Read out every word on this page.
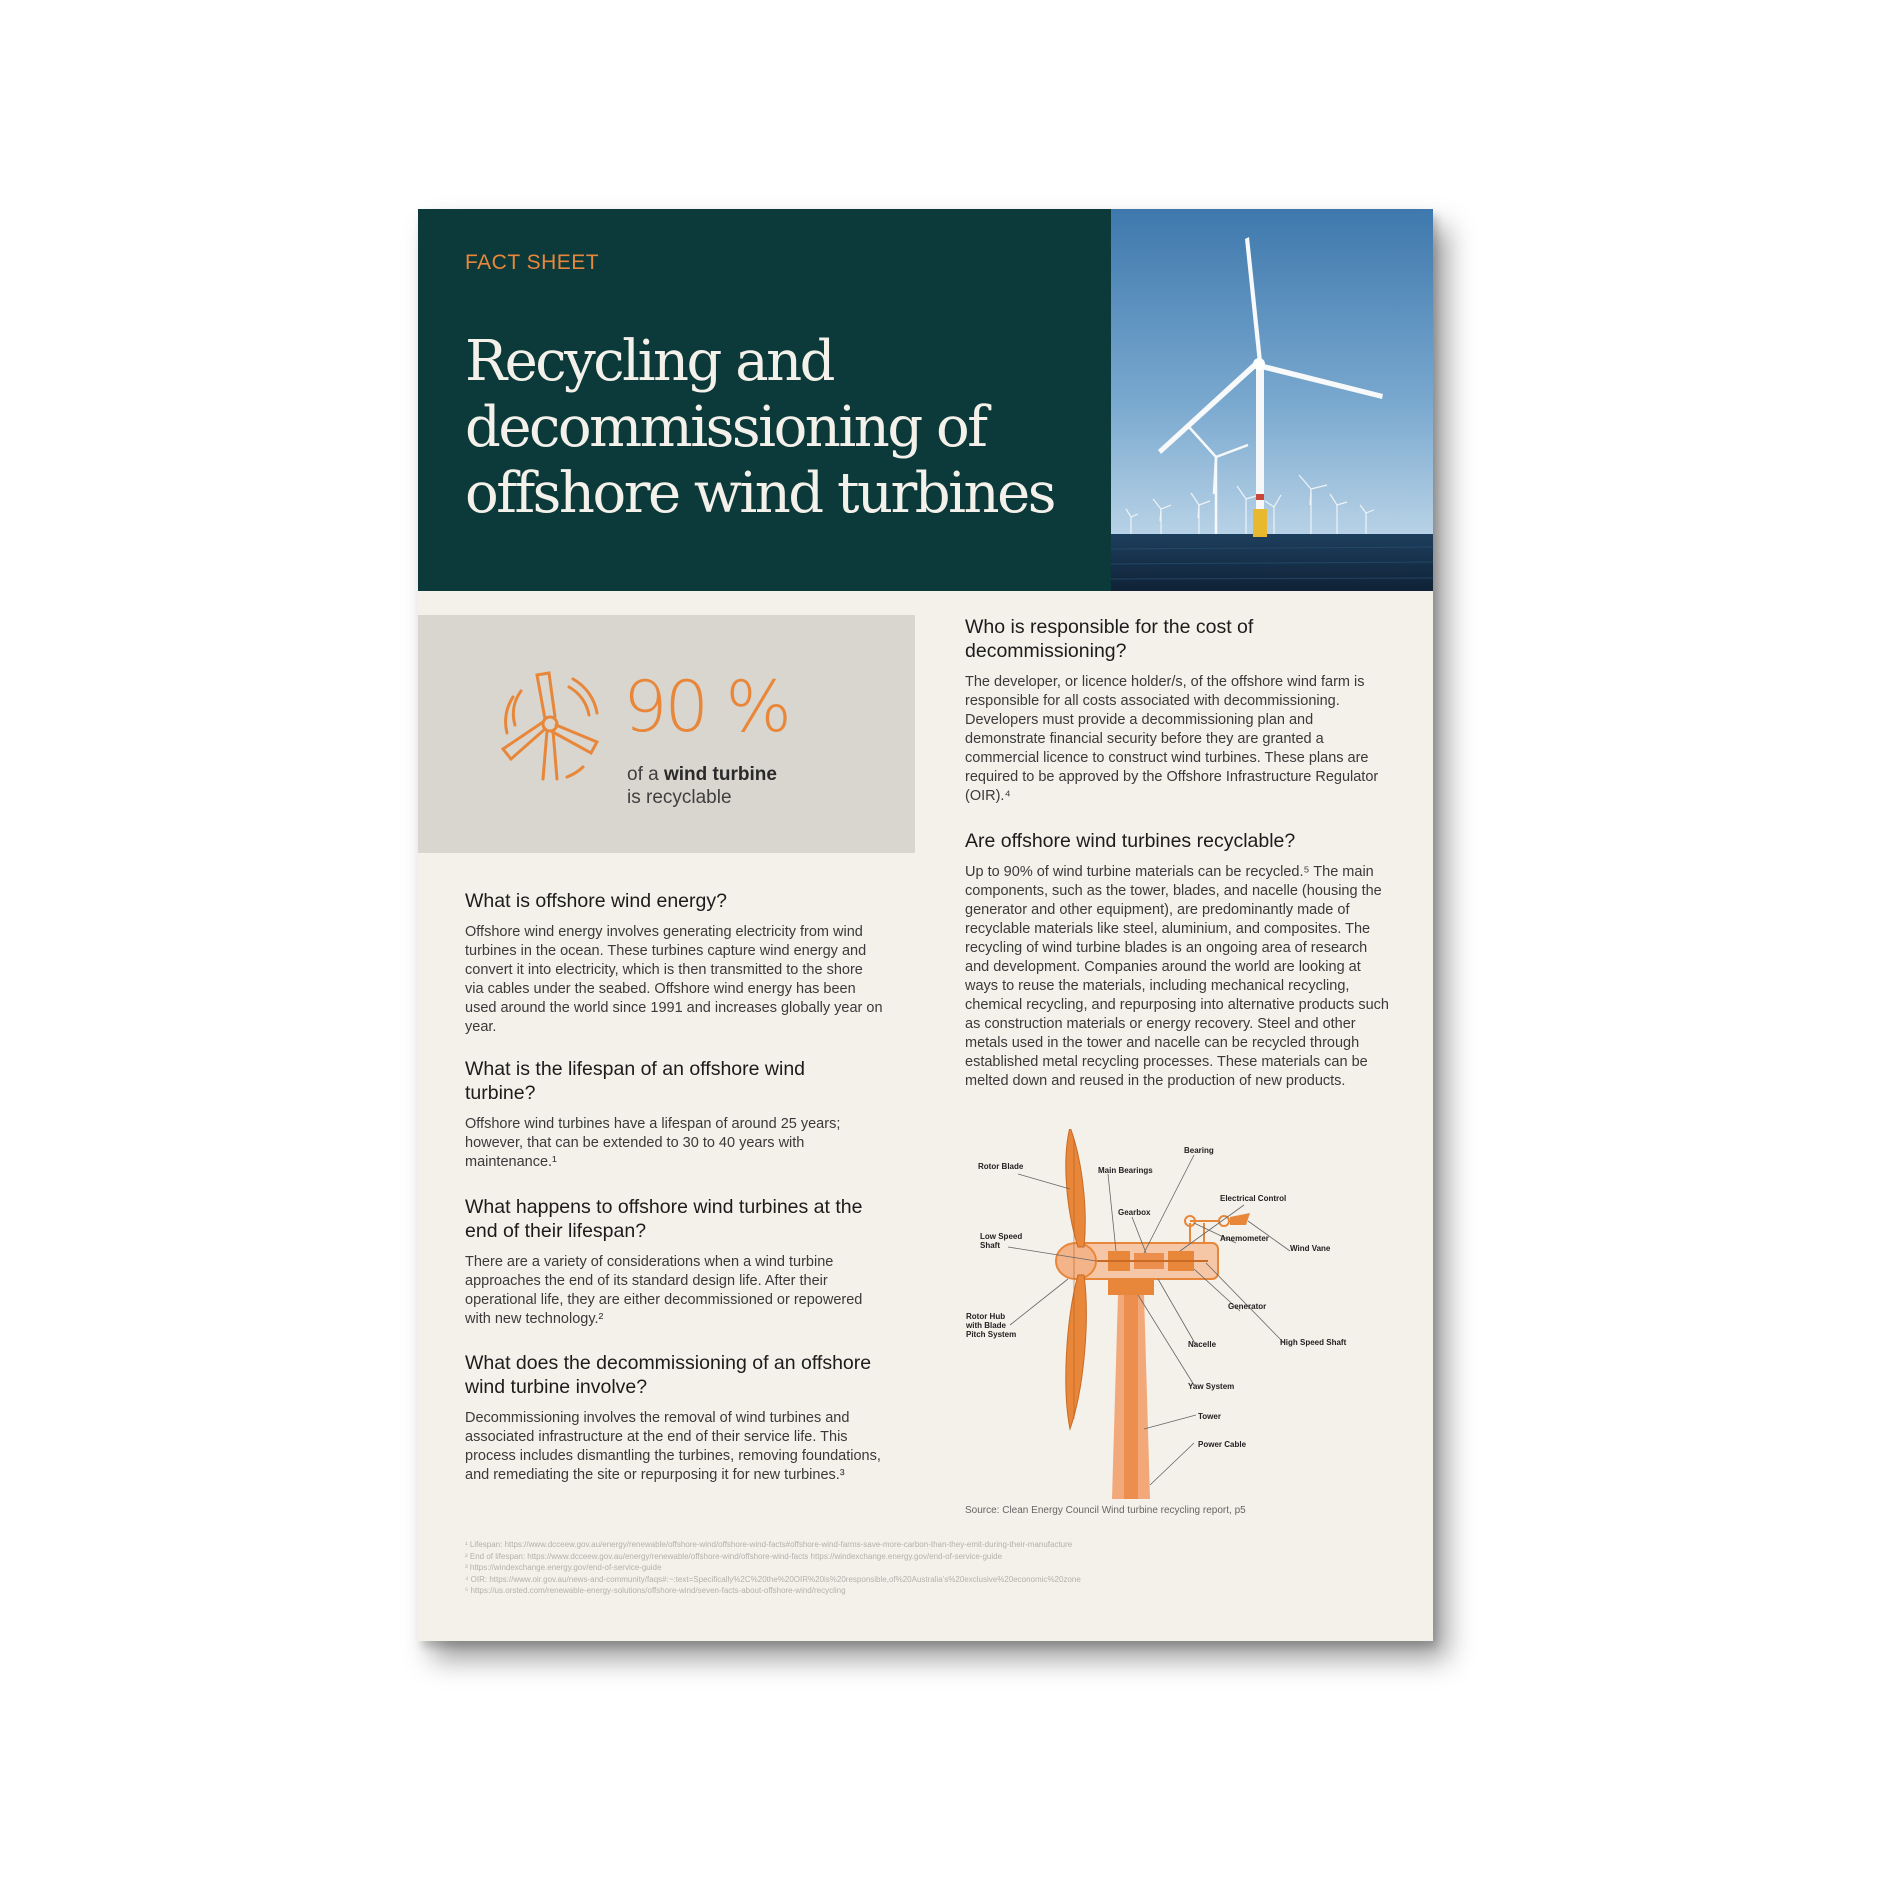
FACT SHEET
Recycling and decommissioning of offshore wind turbines
90 %
of a wind turbine
is recyclable
What is offshore wind energy?

Offshore wind energy involves generating electricity from wind turbines in the ocean. These turbines capture wind energy and convert it into electricity, which is then transmitted to the shore via cables under the seabed. Offshore wind energy has been used around the world since 1991 and increases globally year on year.

What is the lifespan of an offshore wind turbine?

Offshore wind turbines have a lifespan of around 25 years; however, that can be extended to 30 to 40 years with maintenance.¹

What happens to offshore wind turbines at the end of their lifespan?

There are a variety of considerations when a wind turbine approaches the end of its standard design life. After their operational life, they are either decommissioned or repowered with new technology.²

What does the decommissioning of an offshore wind turbine involve?

Decommissioning involves the removal of wind turbines and associated infrastructure at the end of their service life. This process includes dismantling the turbines, removing foundations, and remediating the site or repurposing it for new turbines.³

Who is responsible for the cost of decommissioning?

The developer, or licence holder/s, of the offshore wind farm is responsible for all costs associated with decommissioning. Developers must provide a decommissioning plan and demonstrate financial security before they are granted a commercial licence to construct wind turbines. These plans are required to be approved by the Offshore Infrastructure Regulator (OIR).⁴

Are offshore wind turbines recyclable?

Up to 90% of wind turbine materials can be recycled.⁵ The main components, such as the tower, blades, and nacelle (housing the generator and other equipment), are predominantly made of recyclable materials like steel, aluminium, and composites. The recycling of wind turbine blades is an ongoing area of research and development. Companies around the world are looking at ways to reuse the materials, including mechanical recycling, chemical recycling, and repurposing into alternative products such as construction materials or energy recovery. Steel and other metals used in the tower and nacelle can be recycled through established metal recycling processes. These materials can be melted down and reused in the production of new products.

Rotor Blade	Main Bearings
Bearing
Gearbox
Electrical Control
Low Speed
Shaft
Anemometer
Wind Vane
Generator
Rotor Hub
with Blade
Pitch System
Nacelle	High Speed Shaft
Yaw System
Tower
Power Cable
Source: Clean Energy Council Wind turbine recycling report, p5
¹ Lifespan: https://www.dcceew.gov.au/energy/renewable/offshore-wind/offshore-wind-facts#offshore-wind-farms-save-more-carbon-than-they-emit-during-their-manufacture
² End of lifespan: https://www.dcceew.gov.au/energy/renewable/offshore-wind/offshore-wind-facts https://windexchange.energy.gov/end-of-service-guide
³ https://windexchange.energy.gov/end-of-service-guide
⁴ OIR: https://www.oir.gov.au/news-and-community/faqs#:~:text=Specifically%2C%20the%20OIR%20is%20responsible,of%20Australia's%20exclusive%20economic%20zone
⁵ https://us.orsted.com/renewable-energy-solutions/offshore-wind/seven-facts-about-offshore-wind/recycling
